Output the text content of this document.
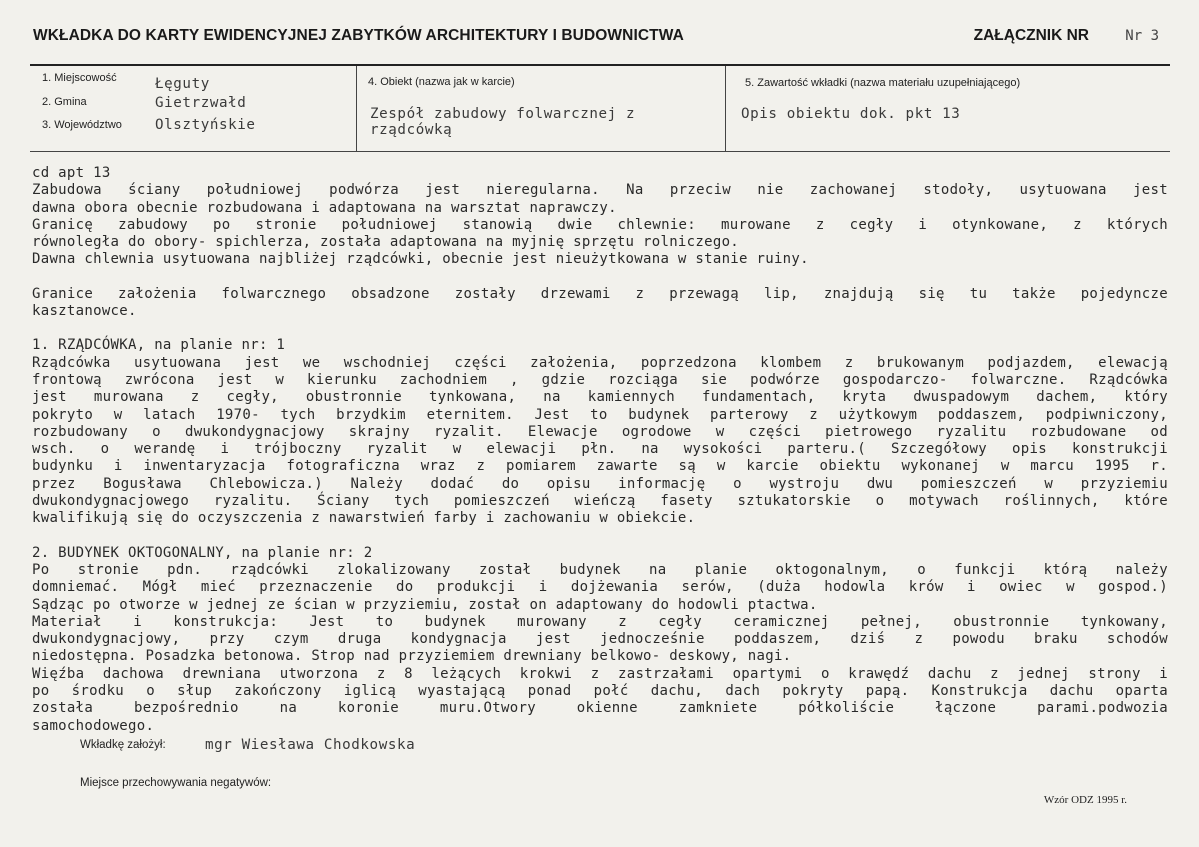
WKŁADKA DO KARTY EWIDENCYJNEJ ZABYTKÓW ARCHITEKTURY I BUDOWNICTWA	ZAŁĄCZNIK NR	Nr 3
1. Miejscowość	Łęguty
2. Gmina	Gietrzwałd
3. Województwo Olsztyńskie
4. Obiekt (nazwa jak w karcie)
Zespół zabudowy folwarcznej z
rządcówką
5. Zawartość wkładki (nazwa materiału uzupełniającego)
Opis obiektu dok. pkt 13
cd apt 13
Zabudowa ściany południowej podwórza jest nieregularna. Na przeciw nie zachowanej stodoły, usytuowana jest
dawna obora obecnie rozbudowana i adaptowana na warsztat naprawczy.
Granicę zabudowy po stronie południowej stanowią dwie chlewnie: murowane z cegły i otynkowane, z których
równoległa do obory- spichlerza, została adaptowana na myjnię sprzętu rolniczego.
Dawna chlewnia usytuowana najbliżej rządcówki, obecnie jest nieużytkowana w stanie ruiny.
Granice założenia folwarcznego obsadzone zostały drzewami z przewagą lip, znajdują się tu także pojedyncze
kasztanowce.
1. RZĄDCÓWKA, na planie nr: 1
Rządcówka usytuowana jest we wschodniej części założenia, poprzedzona klombem z brukowanym podjazdem, elewacją
frontową zwrócona jest w kierunku zachodniem , gdzie rozciąga sie podwórze gospodarczo- folwarczne. Rządcówka
jest murowana z cegły, obustronnie tynkowana, na kamiennych fundamentach, kryta dwuspadowym dachem, który
pokryto w latach 1970- tych brzydkim eternitem. Jest to budynek parterowy z użytkowym poddaszem, podpiwniczony,
rozbudowany o dwukondygnacjowy skrajny ryzalit. Elewacje ogrodowe w części pietrowego ryzalitu rozbudowane od
wsch. o werandę i trójboczny ryzalit w elewacji płn. na wysokości parteru.( Szczegółowy opis konstrukcji
budynku i inwentaryzacja fotograficzna wraz z pomiarem zawarte są w karcie obiektu wykonanej w marcu 1995 r.
przez Bogusława Chlebowicza.) Należy dodać do opisu informację o wystroju dwu pomieszczeń w przyziemiu
dwukondygnacjowego ryzalitu. Ściany tych pomieszczeń wieńczą fasety sztukatorskie o motywach roślinnych, które
kwalifikują się do oczyszczenia z nawarstwień farby i zachowaniu w obiekcie.
2. BUDYNEK OKTOGONALNY, na planie nr: 2
Po stronie pdn. rządcówki zlokalizowany został budynek na planie oktogonalnym, o funkcji którą należy
domniemać. Mógł mieć przeznaczenie do produkcji i dojżewania serów, (duża hodowla krów i owiec w gospod.)
Sądząc po otworze w jednej ze ścian w przyziemiu, został on adaptowany do hodowli ptactwa.
Materiał i konstrukcja: Jest to budynek murowany z cegły ceramicznej pełnej, obustronnie tynkowany,
dwukondygnacjowy, przy czym druga kondygnacja jest jednocześnie poddaszem, dziś z powodu braku schodów
niedostępna. Posadzka betonowa. Strop nad przyziemiem drewniany belkowo- deskowy, nagi.
Więźba dachowa drewniana utworzona z 8 leżących krokwi z zastrzałami opartymi o krawędź dachu z jednej strony i
po środku o słup zakończony iglicą wyastającą ponad połć dachu, dach pokryty papą. Konstrukcja dachu oparta
została bezpośrednio na koronie muru.Otwory okienne zamkniete półkoliście łączone parami.podwozia
samochodowego.
Wkładkę założył:	mgr Wiesława Chodkowska
Miejsce przechowywania negatywów:
Wzór ODZ 1995 r.
